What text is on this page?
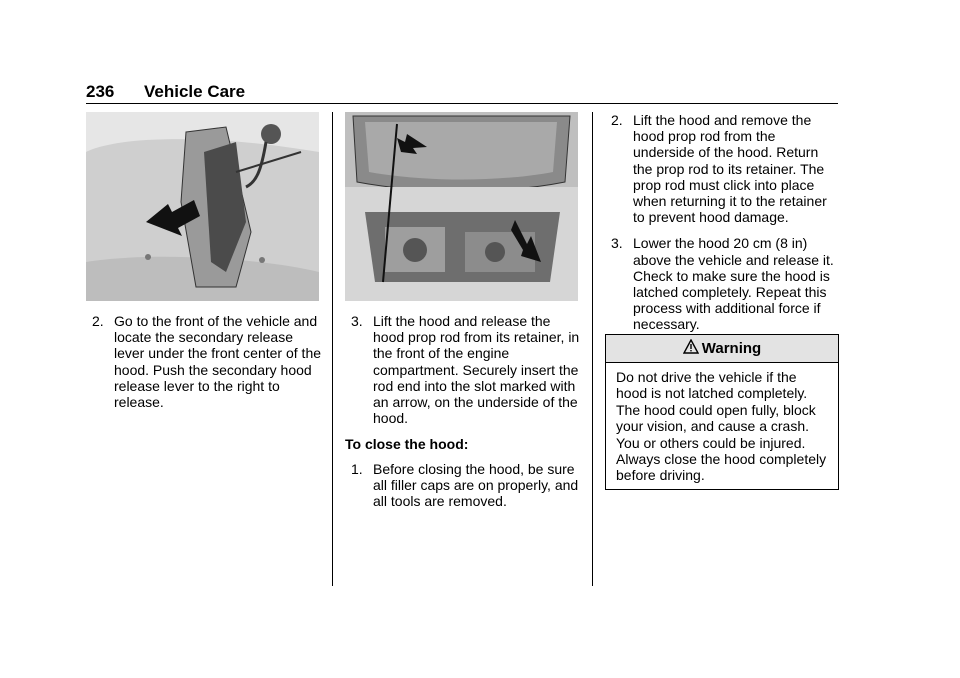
236 Vehicle Care
2. Go to the front of the vehicle and locate the secondary release lever under the front center of the hood. Push the secondary hood release lever to the right to release.
3. Lift the hood and release the hood prop rod from its retainer, in the front of the engine compartment. Securely insert the rod end into the slot marked with an arrow, on the underside of the hood.
To close the hood:
1. Before closing the hood, be sure all filler caps are on properly, and all tools are removed.
2. Lift the hood and remove the hood prop rod from the underside of the hood. Return the prop rod to its retainer. The prop rod must click into place when returning it to the retainer to prevent hood damage.
3. Lower the hood 20 cm (8 in) above the vehicle and release it. Check to make sure the hood is latched completely. Repeat this process with additional force if necessary.
Warning
Do not drive the vehicle if the hood is not latched completely. The hood could open fully, block your vision, and cause a crash. You or others could be injured. Always close the hood completely before driving.
